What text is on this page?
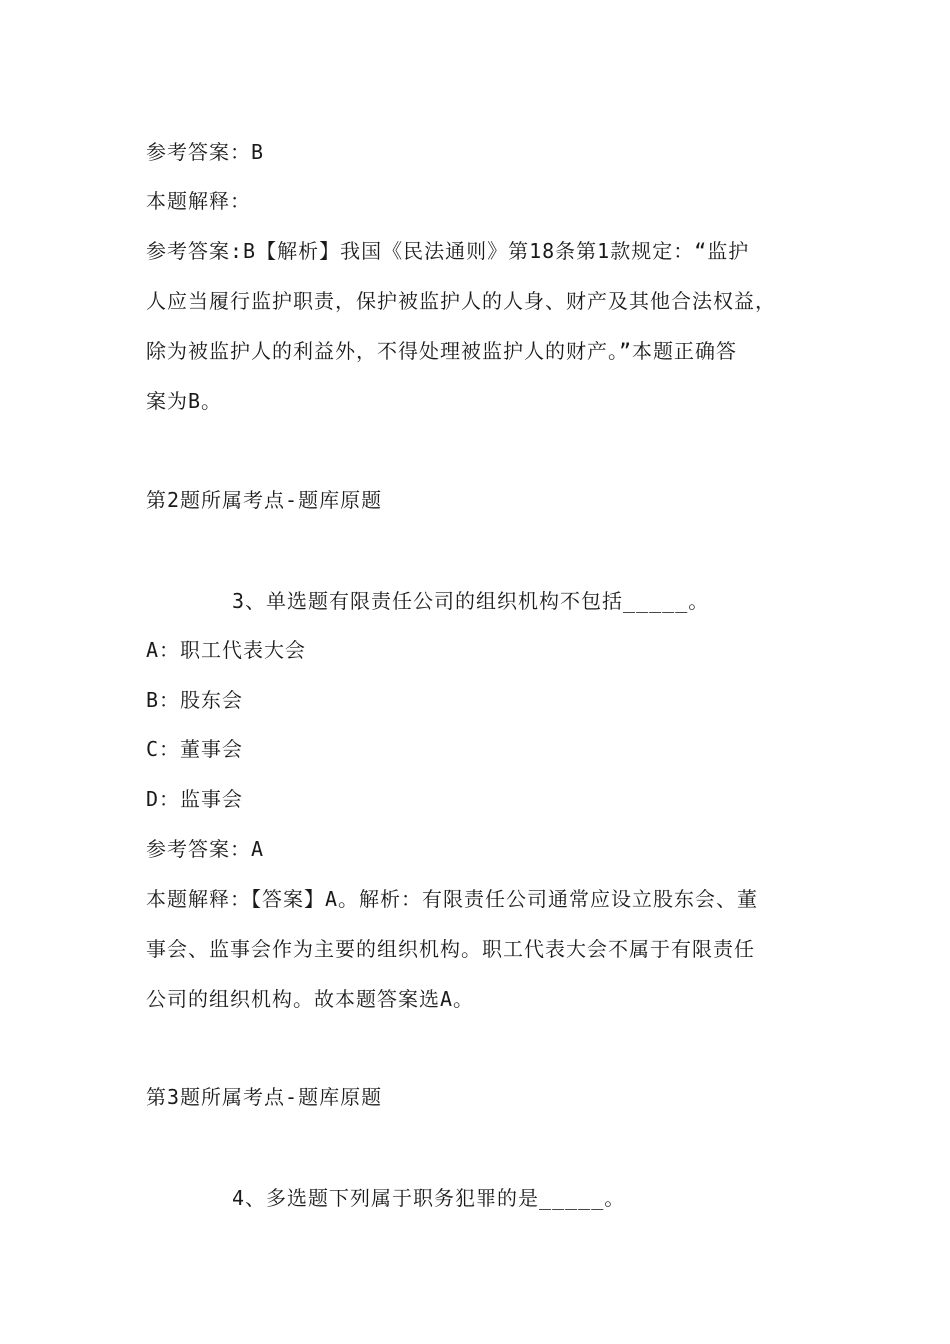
参考答案：B
本题解释：
参考答案:B【解析】我国《民法通则》第18条第1款规定：“监护
人应当履行监护职责，保护被监护人的人身、财产及其他合法权益，
除为被监护人的利益外，不得处理被监护人的财产。”本题正确答
案为B。
第2题所属考点-题库原题
3、单选题有限责任公司的组织机构不包括_____。
A：职工代表大会
B：股东会
C：董事会
D：监事会
参考答案：A
本题解释：【答案】A。解析：有限责任公司通常应设立股东会、董
事会、监事会作为主要的组织机构。职工代表大会不属于有限责任
公司的组织机构。故本题答案选A。
第3题所属考点-题库原题
4、多选题下列属于职务犯罪的是_____。
